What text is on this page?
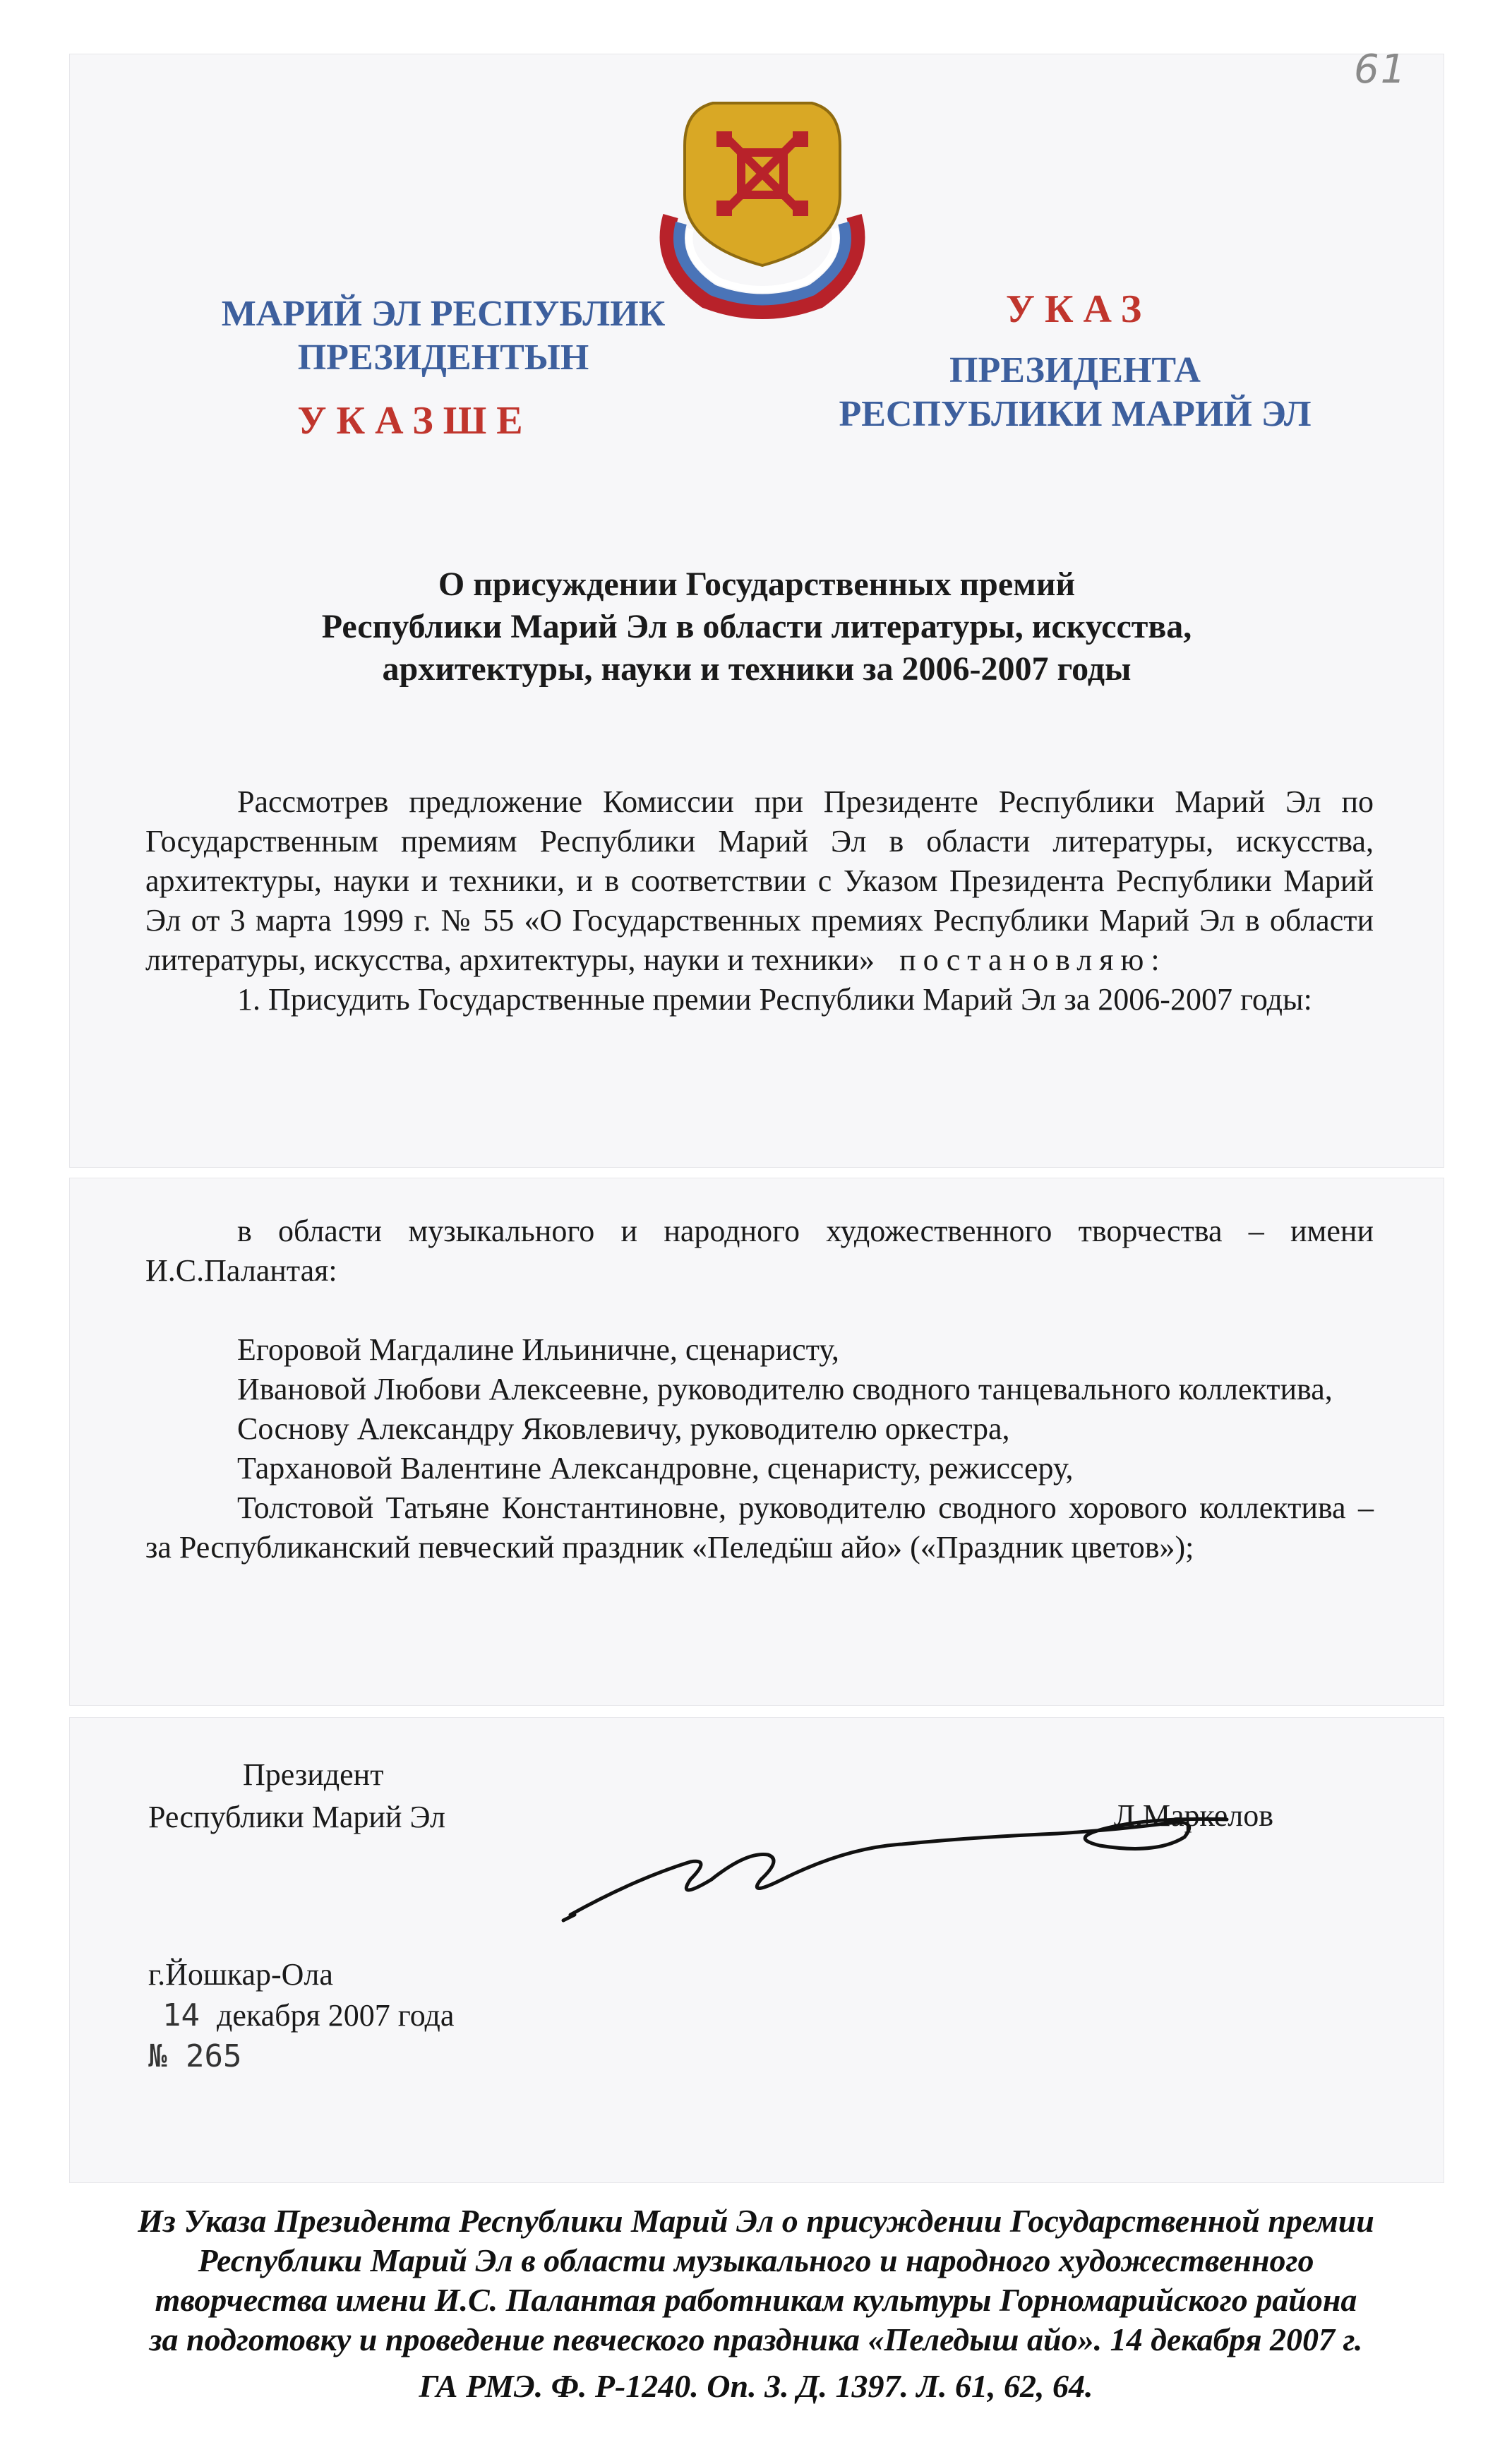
61
МАРИЙ ЭЛ РЕСПУБЛИК
ПРЕЗИДЕНТЫН
УКАЗШЕ
УКАЗ
ПРЕЗИДЕНТА
РЕСПУБЛИКИ МАРИЙ ЭЛ
О присуждении Государственных премий
Республики Марий Эл в области литературы, искусства,
архитектуры, науки и техники за 2006-2007 годы

Рассмотрев предложение Комиссии при Президенте Республики Марий Эл по Государственным премиям Республики Марий Эл в области литературы, искусства, архитектуры, науки и техники, и в соответствии с Указом Президента Республики Марий Эл от 3 марта 1999 г. № 55 «О Государственных премиях Республики Марий Эл в области литературы, искусства, архитектуры, науки и техники» постановляю:

1. Присудить Государственные премии Республики Марий Эл за 2006-2007 годы:

в области музыкального и народного художественного творчества – имени И.С.Палантая:

Егоровой Магдалине Ильиничне, сценаристу,

Ивановой Любови Алексеевне, руководителю сводного танцевального коллектива,

Соснову Александру Яковлевичу, руководителю оркестра,

Тархановой Валентине Александровне, сценаристу, режиссеру,

Толстовой Татьяне Константиновне, руководителю сводного хорового коллектива – за Республиканский певческий праздник «Пеледӹш айо» («Праздник цветов»);

Президент
Республики Марий Эл	Л.Маркелов
г.Йошкар-Ола
14 декабря 2007 года
№ 265
Из Указа Президента Республики Марий Эл о присуждении Государственной премии
Республики Марий Эл в области музыкального и народного художественного
творчества имени И.С. Палантая работникам культуры Горномарийского района
за подготовку и проведение певческого праздника «Пеледыш айо». 14 декабря 2007 г.
ГА РМЭ. Ф. Р-1240. Оп. 3. Д. 1397. Л. 61, 62, 64.
